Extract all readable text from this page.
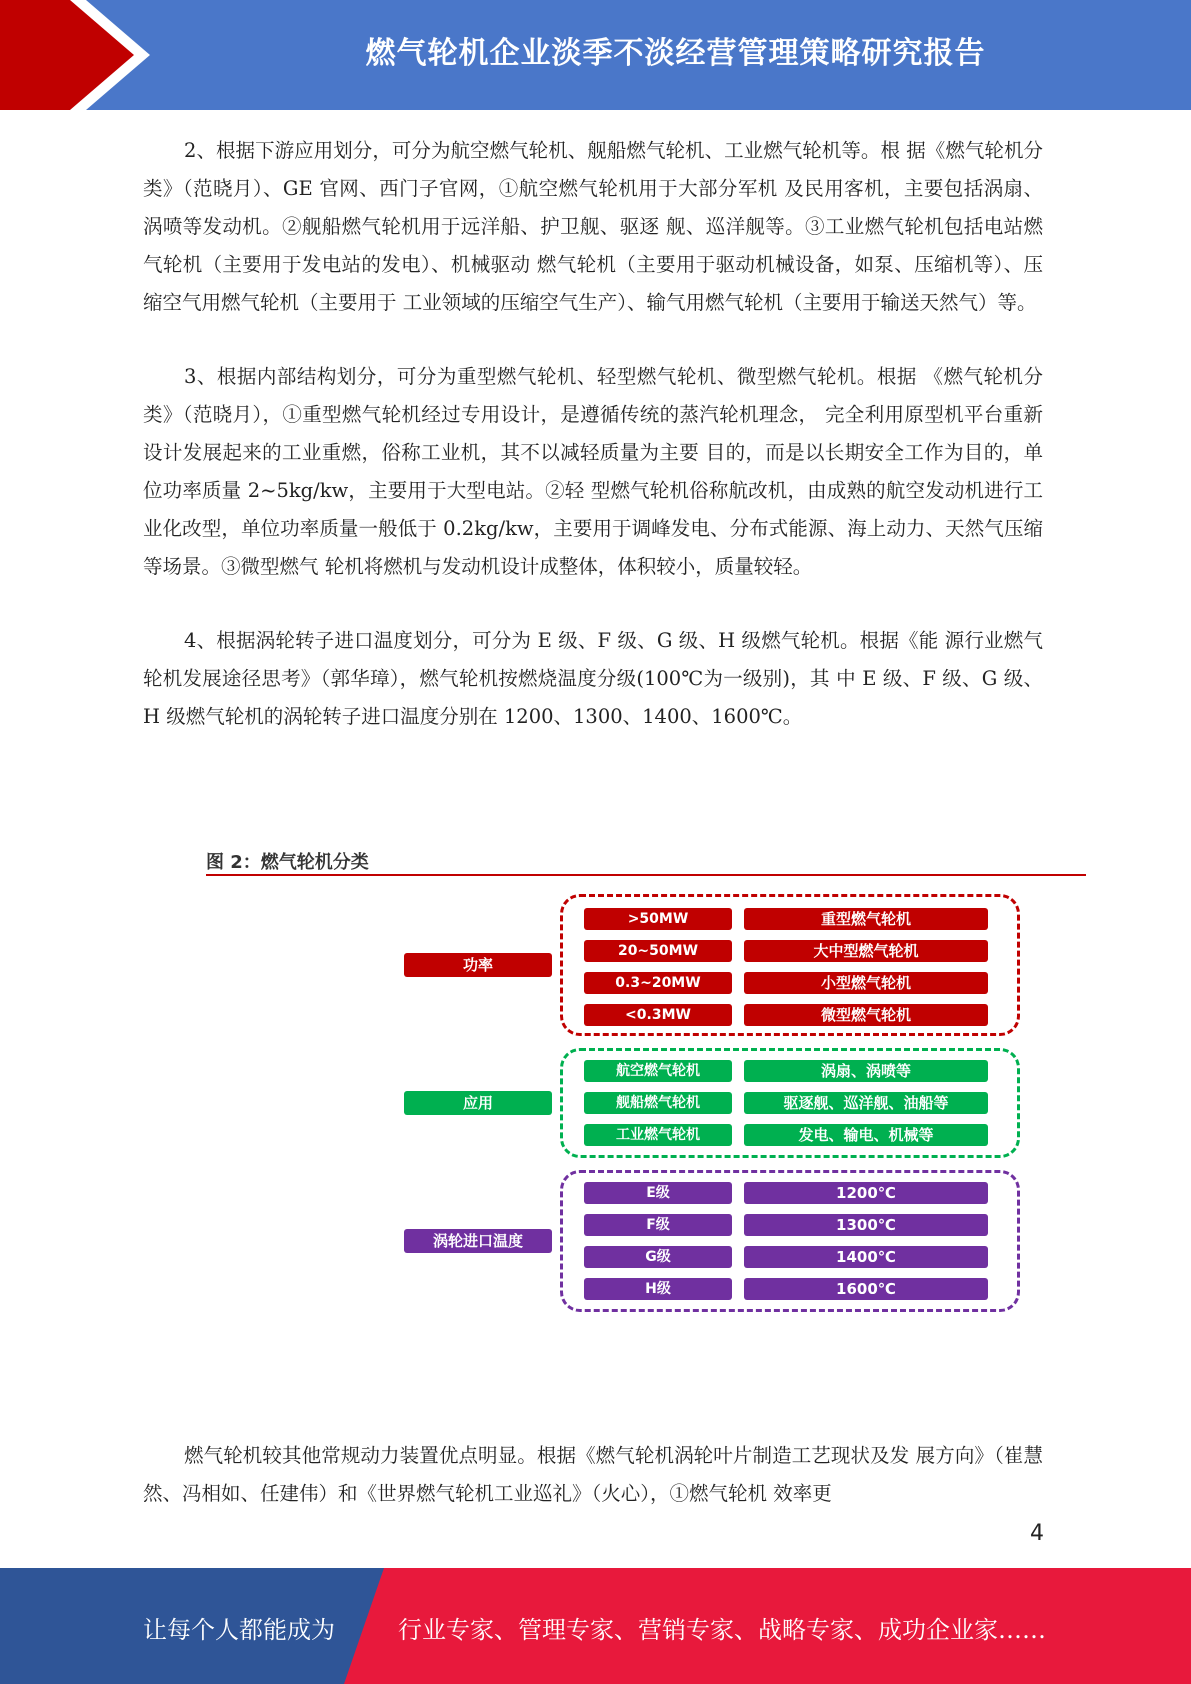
燃气轮机企业淡季不淡经营管理策略研究报告

2、根据下游应用划分，可分为航空燃气轮机、舰船燃气轮机、工业燃气轮机等。根 据《燃气轮机分类》（范晓月）、GE 官网、西门子官网，①航空燃气轮机用于大部分军机 及民用客机，主要包括涡扇、涡喷等发动机。②舰船燃气轮机用于远洋船、护卫舰、驱逐 舰、巡洋舰等。③工业燃气轮机包括电站燃气轮机（主要用于发电站的发电）、机械驱动 燃气轮机（主要用于驱动机械设备，如泵、压缩机等）、压缩空气用燃气轮机（主要用于 工业领域的压缩空气生产）、输气用燃气轮机（主要用于输送天然气）等。

3、根据内部结构划分，可分为重型燃气轮机、轻型燃气轮机、微型燃气轮机。根据 《燃气轮机分类》（范晓月），①重型燃气轮机经过专用设计，是遵循传统的蒸汽轮机理念， 完全利用原型机平台重新设计发展起来的工业重燃，俗称工业机，其不以减轻质量为主要 目的，而是以长期安全工作为目的，单位功率质量 2~5kg/kw，主要用于大型电站。②轻 型燃气轮机俗称航改机，由成熟的航空发动机进行工业化改型，单位功率质量一般低于 0.2kg/kw，主要用于调峰发电、分布式能源、海上动力、天然气压缩等场景。③微型燃气 轮机将燃机与发动机设计成整体，体积较小，质量较轻。

4、根据涡轮转子进口温度划分，可分为 E 级、F 级、G 级、H 级燃气轮机。根据《能 源行业燃气轮机发展途径思考》（郭华璋），燃气轮机按燃烧温度分级(100℃为一级别)，其 中 E 级、F 级、G 级、H 级燃气轮机的涡轮转子进口温度分别在 1200、1300、1400、1600℃。

图 2：燃气轮机分类
功率
应用
涡轮进口温度
>50MW	重型燃气轮机
20~50MW	大中型燃气轮机
0.3~20MW	小型燃气轮机
<0.3MW	微型燃气轮机
航空燃气轮机	涡扇、涡喷等
舰船燃气轮机	驱逐舰、巡洋舰、油船等
工业燃气轮机	发电、输电、机械等
E级	1200℃
F级	1300℃
G级	1400℃
H级	1600℃

燃气轮机较其他常规动力装置优点明显。根据《燃气轮机涡轮叶片制造工艺现状及发 展方向》（崔慧然、冯相如、任建伟）和《世界燃气轮机工业巡礼》（火心），①燃气轮机 效率更

4
让每个人都能成为	行业专家、管理专家、营销专家、战略专家、成功企业家……
